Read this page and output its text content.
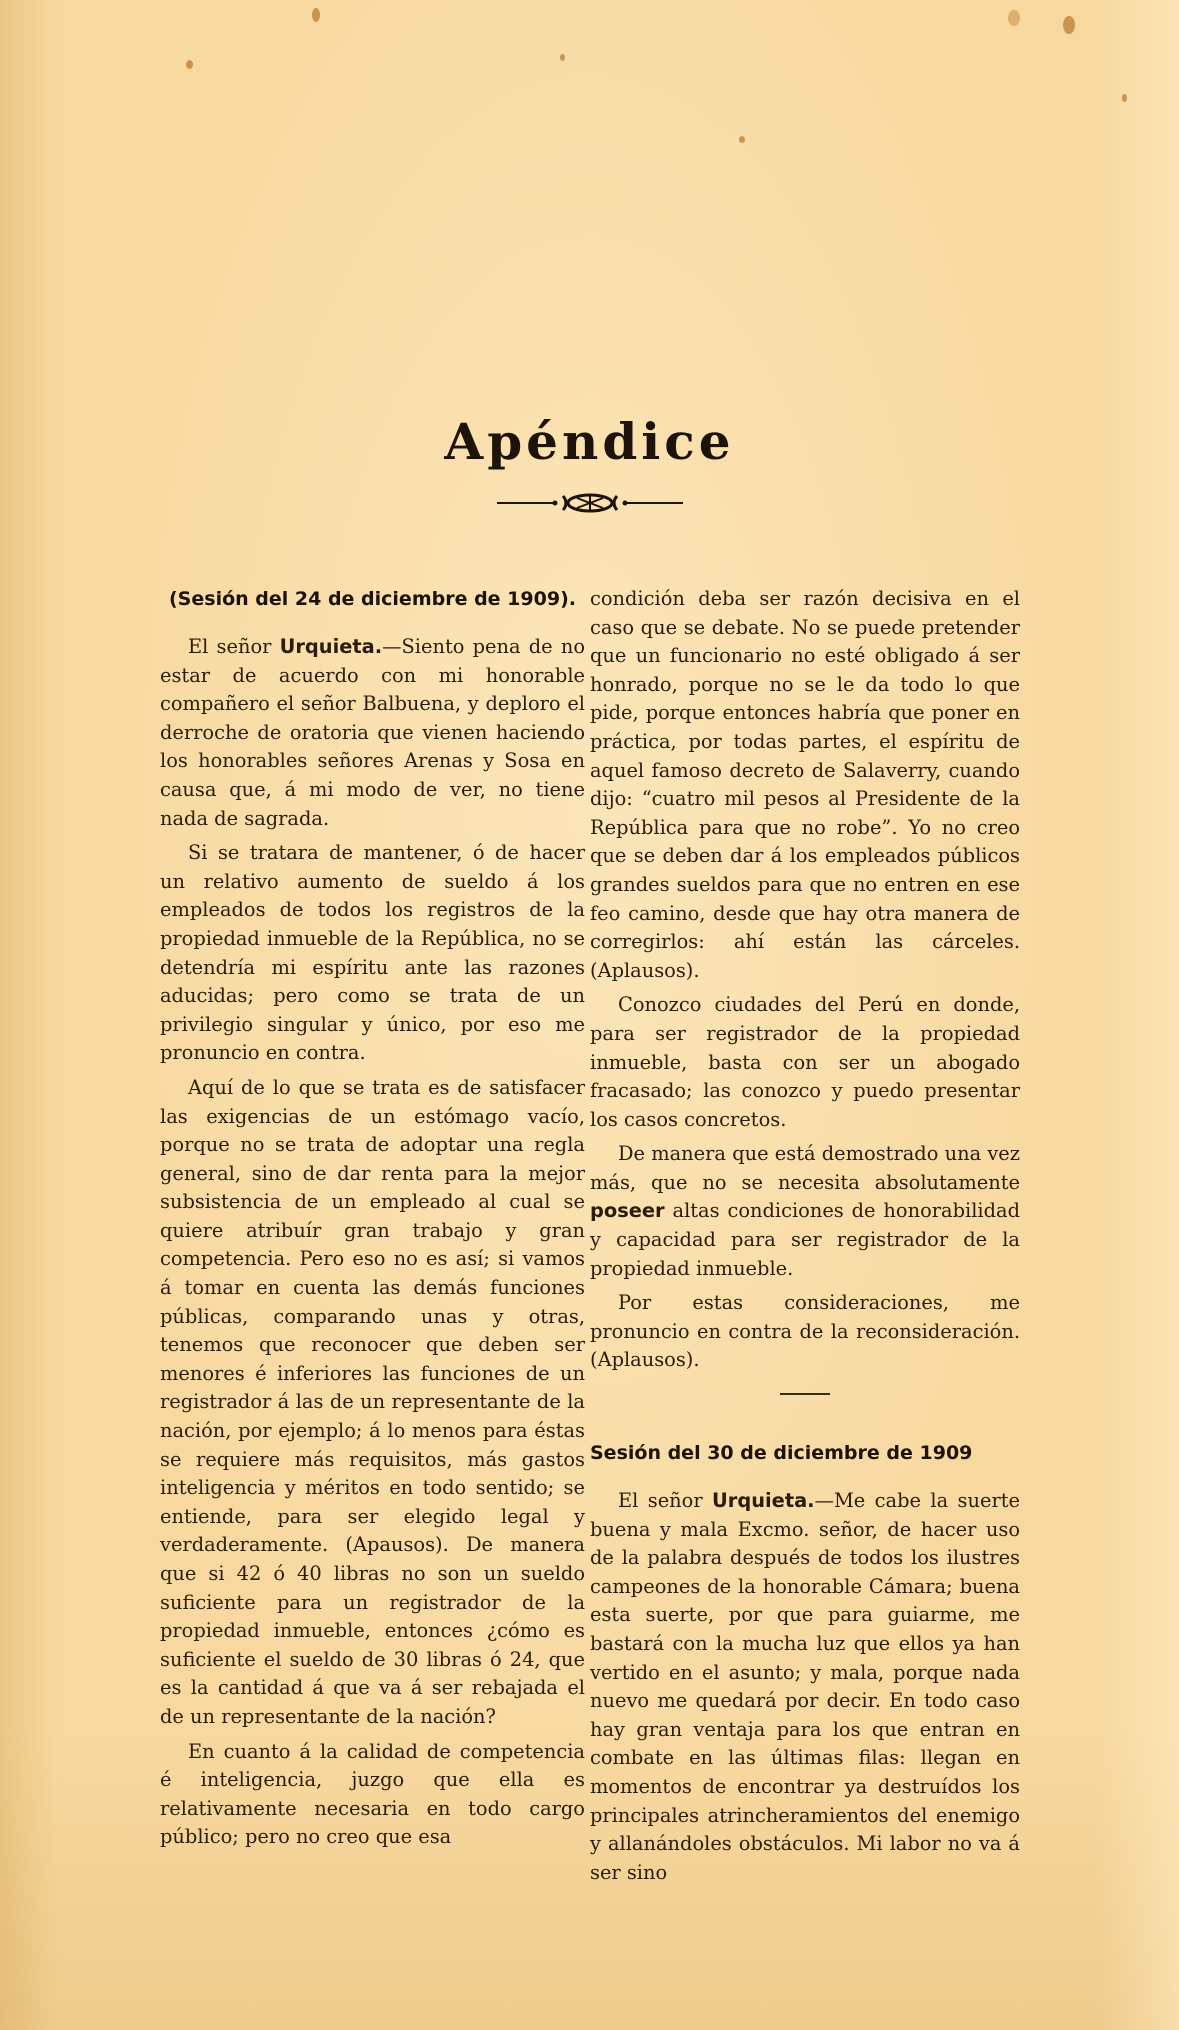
Apéndice
(Sesión del 24 de diciembre de 1909).

El señor Urquieta.—Siento pena de no estar de acuerdo con mi honorable compañero el señor Balbuena, y deploro el derroche de oratoria que vienen haciendo los honorables señores Arenas y Sosa en causa que, á mi modo de ver, no tiene nada de sagrada.

Si se tratara de mantener, ó de hacer un relativo aumento de sueldo á los empleados de todos los registros de la propiedad inmueble de la República, no se detendría mi espíritu ante las razones aducidas; pero como se trata de un privilegio singular y único, por eso me pronuncio en contra.

Aquí de lo que se trata es de satisfacer las exigencias de un estómago vacío, porque no se trata de adoptar una regla general, sino de dar renta para la mejor subsistencia de un empleado al cual se quiere atribuír gran trabajo y gran competencia. Pero eso no es así; si vamos á tomar en cuenta las demás funciones públicas, comparando unas y otras, tenemos que reconocer que deben ser menores é inferiores las funciones de un registrador á las de un representante de la nación, por ejemplo; á lo menos para éstas se requiere más requisitos, más gastos inteligencia y méritos en todo sentido; se entiende, para ser elegido legal y verdaderamente. (Apausos). De manera que si 42 ó 40 libras no son un sueldo suficiente para un registrador de la propiedad inmueble, entonces ¿cómo es suficiente el sueldo de 30 libras ó 24, que es la cantidad á que va á ser rebajada el de un representante de la nación?

En cuanto á la calidad de competencia é inteligencia, juzgo que ella es relativamente necesaria en todo cargo público; pero no creo que esa

condición deba ser razón decisiva en el caso que se debate. No se puede pretender que un funcionario no esté obligado á ser honrado, porque no se le da todo lo que pide, porque entonces habría que poner en práctica, por todas partes, el espíritu de aquel famoso decreto de Salaverry, cuando dijo: “cuatro mil pesos al Presidente de la República para que no robe”. Yo no creo que se deben dar á los empleados públicos grandes sueldos para que no entren en ese feo camino, desde que hay otra manera de corregirlos: ahí están las cárceles. (Aplausos).

Conozco ciudades del Perú en donde, para ser registrador de la propiedad inmueble, basta con ser un abogado fracasado; las conozco y puedo presentar los casos concretos.

De manera que está demostrado una vez más, que no se necesita absolutamente poseer altas condiciones de honorabilidad y capacidad para ser registrador de la propiedad inmueble.

Por estas consideraciones, me pronuncio en contra de la reconsideración. (Aplausos).

Sesión del 30 de diciembre de 1909

El señor Urquieta.—Me cabe la suerte buena y mala Excmo. señor, de hacer uso de la palabra después de todos los ilustres campeones de la honorable Cámara; buena esta suerte, por que para guiarme, me bastará con la mucha luz que ellos ya han vertido en el asunto; y mala, porque nada nuevo me quedará por decir. En todo caso hay gran ventaja para los que entran en combate en las últimas filas: llegan en momentos de encontrar ya destruídos los principales atrincheramientos del enemigo y allanándoles obstáculos. Mi labor no va á ser sino
